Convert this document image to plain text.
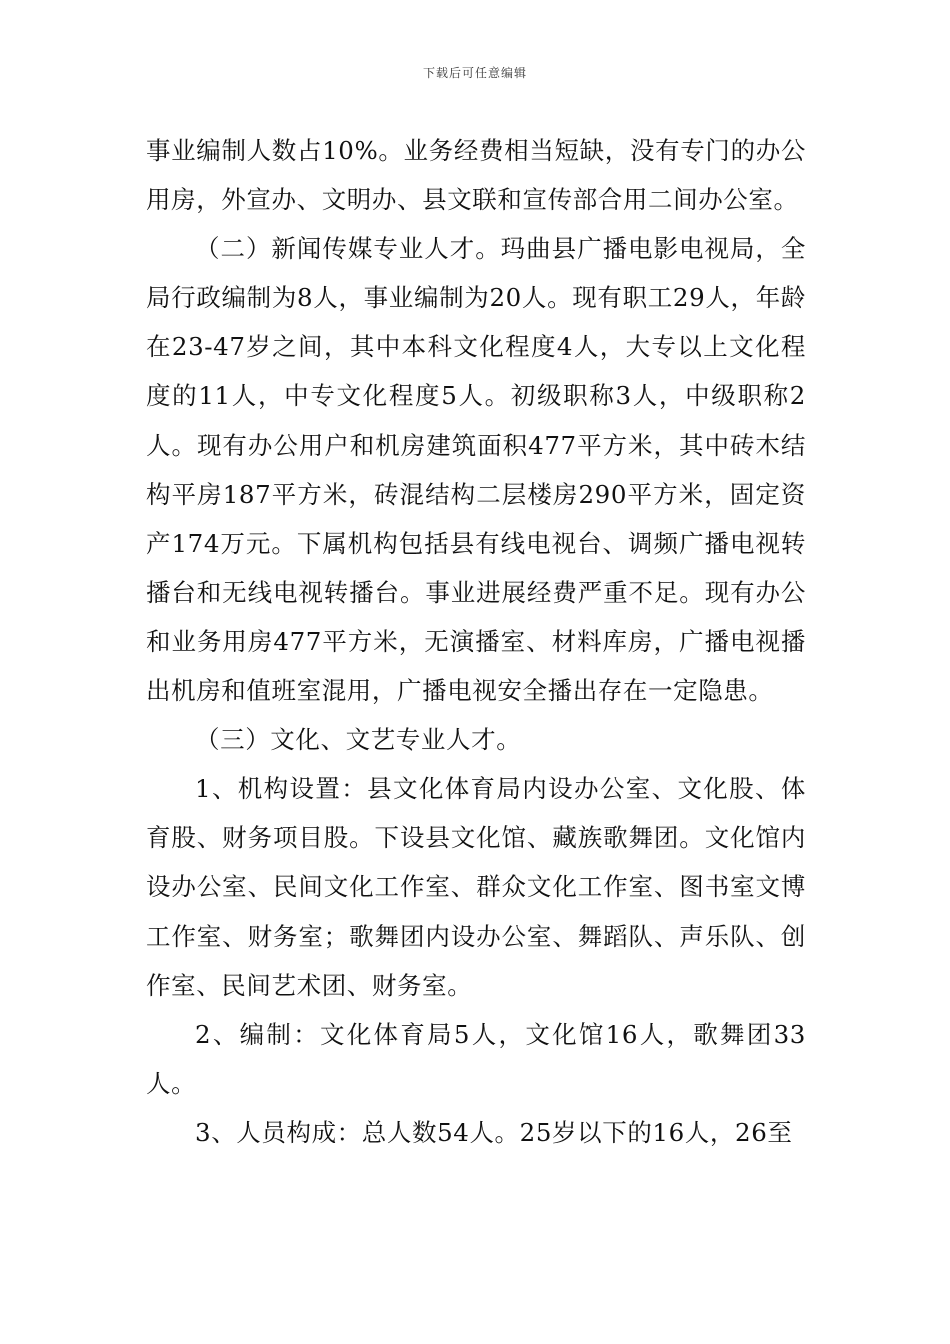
下载后可任意编辑

事业编制人数占10%。业务经费相当短缺，没有专门的办公用房，外宣办、文明办、县文联和宣传部合用二间办公室。

（二）新闻传媒专业人才。玛曲县广播电影电视局，全局行政编制为8人，事业编制为20人。现有职工29人，年龄在23-47岁之间，其中本科文化程度4人，大专以上文化程度的11人，中专文化程度5人。初级职称3人，中级职称2人。现有办公用户和机房建筑面积477平方米，其中砖木结构平房187平方米，砖混结构二层楼房290平方米，固定资产174万元。下属机构包括县有线电视台、调频广播电视转播台和无线电视转播台。事业进展经费严重不足。现有办公和业务用房477平方米，无演播室、材料库房，广播电视播出机房和值班室混用，广播电视安全播出存在一定隐患。

（三）文化、文艺专业人才。

1、机构设置：县文化体育局内设办公室、文化股、体育股、财务项目股。下设县文化馆、藏族歌舞团。文化馆内设办公室、民间文化工作室、群众文化工作室、图书室文博工作室、财务室；歌舞团内设办公室、舞蹈队、声乐队、创作室、民间艺术团、财务室。

2、编制：文化体育局5人，文化馆16人，歌舞团33人。

3、人员构成：总人数54人。25岁以下的16人，26至
